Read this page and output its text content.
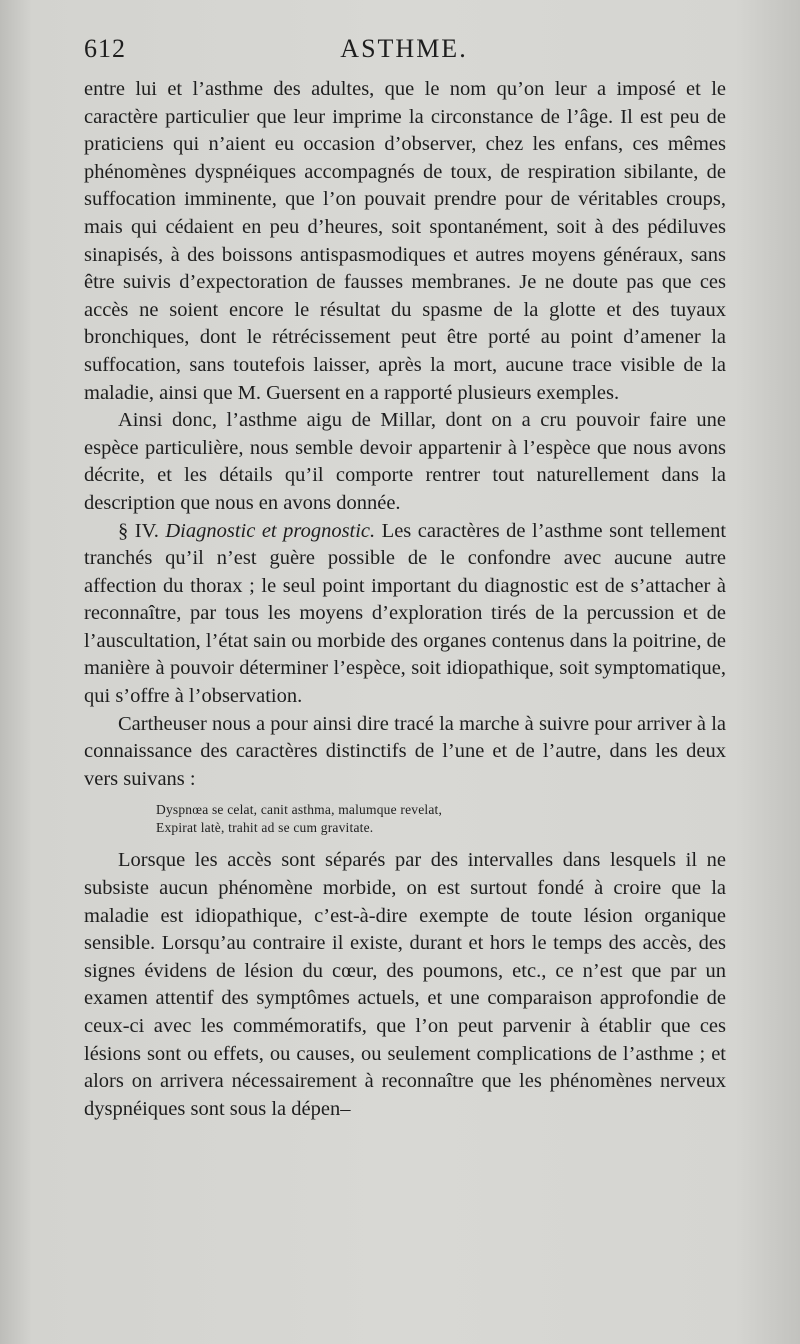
612	ASTHME.

entre lui et l’asthme des adultes, que le nom qu’on leur a imposé et le caractère particulier que leur imprime la circonstance de l’âge. Il est peu de praticiens qui n’aient eu occasion d’observer, chez les enfans, ces mêmes phénomènes dyspnéiques accompagnés de toux, de respiration sibilante, de suffocation imminente, que l’on pouvait prendre pour de véritables croups, mais qui cédaient en peu d’heures, soit spontanément, soit à des pédiluves sinapisés, à des boissons antispasmodiques et autres moyens généraux, sans être suivis d’expectoration de fausses membranes. Je ne doute pas que ces accès ne soient encore le résultat du spasme de la glotte et des tuyaux bronchiques, dont le rétrécissement peut être porté au point d’amener la suffocation, sans toutefois laisser, après la mort, aucune trace visible de la maladie, ainsi que M. Guersent en a rapporté plusieurs exemples.

Ainsi donc, l’asthme aigu de Millar, dont on a cru pouvoir faire une espèce particulière, nous semble devoir appartenir à l’espèce que nous avons décrite, et les détails qu’il comporte rentrer tout naturellement dans la description que nous en avons donnée.

§ IV. Diagnostic et prognostic. Les caractères de l’asthme sont tellement tranchés qu’il n’est guère possible de le confondre avec aucune autre affection du thorax ; le seul point important du diagnostic est de s’attacher à reconnaître, par tous les moyens d’exploration tirés de la percussion et de l’auscultation, l’état sain ou morbide des organes contenus dans la poitrine, de manière à pouvoir déterminer l’espèce, soit idiopathique, soit symptomatique, qui s’offre à l’observation.

Cartheuser nous a pour ainsi dire tracé la marche à suivre pour arriver à la connaissance des caractères distinctifs de l’une et de l’autre, dans les deux vers suivans :

Dyspnœa se celat, canit asthma, malumque revelat,
Expirat latè, trahit ad se cum gravitate.

Lorsque les accès sont séparés par des intervalles dans lesquels il ne subsiste aucun phénomène morbide, on est surtout fondé à croire que la maladie est idiopathique, c’est-à-dire exempte de toute lésion organique sensible. Lorsqu’au contraire il existe, durant et hors le temps des accès, des signes évidens de lésion du cœur, des poumons, etc., ce n’est que par un examen attentif des symptômes actuels, et une comparaison approfondie de ceux-ci avec les commémoratifs, que l’on peut parvenir à établir que ces lésions sont ou effets, ou causes, ou seulement complications de l’asthme ; et alors on arrivera nécessairement à reconnaître que les phénomènes nerveux dyspnéiques sont sous la dépen–
